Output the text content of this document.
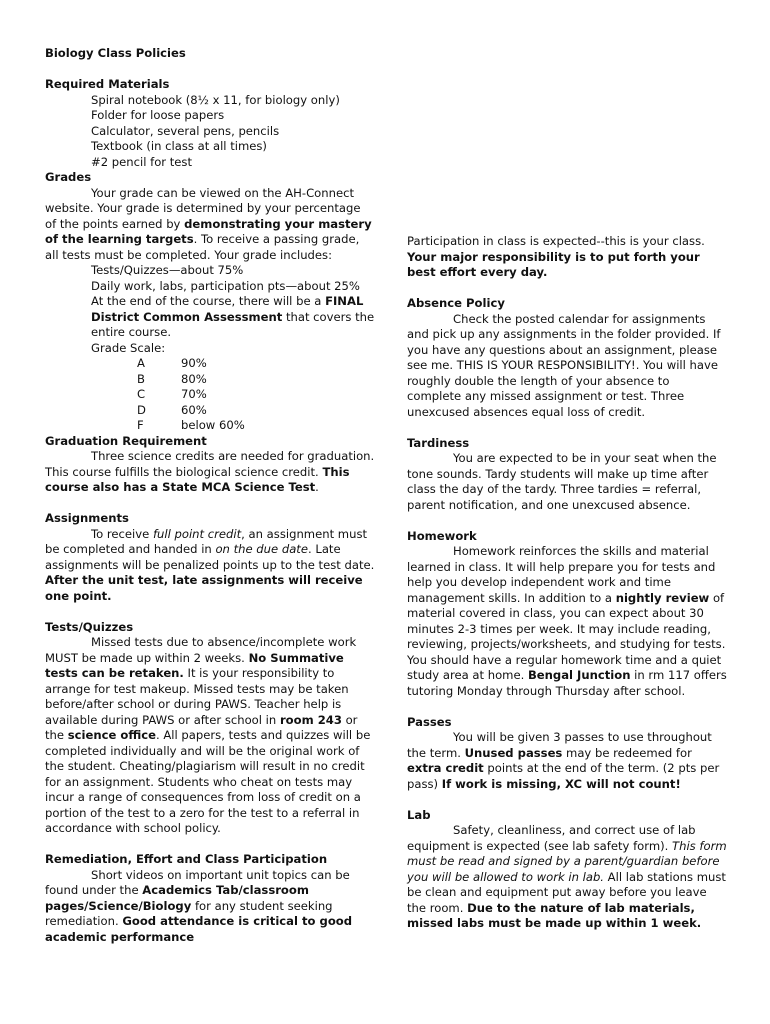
Biology Class Policies

Required Materials

Spiral notebook (8½ x 11, for biology only)

Folder for loose papers

Calculator, several pens, pencils

Textbook (in class at all times)

#2 pencil for test

Grades

Your grade can be viewed on the AH-Connect website. Your grade is determined by your percentage of the points earned by demonstrating your mastery of the learning targets. To receive a passing grade, all tests must be completed. Your grade includes:

Tests/Quizzes—about 75%

Daily work, labs, participation pts—about 25%

At the end of the course, there will be a FINAL District Common Assessment that covers the entire course.

Grade Scale:

A	90%
B	80%
C	70%
D	60%
F	below 60%

Graduation Requirement

Three science credits are needed for graduation. This course fulfills the biological science credit. This course also has a State MCA Science Test.

Assignments

To receive full point credit, an assignment must be completed and handed in on the due date. Late assignments will be penalized points up to the test date. After the unit test, late assignments will receive one point.

Tests/Quizzes

Missed tests due to absence/incomplete work MUST be made up within 2 weeks. No Summative tests can be retaken. It is your responsibility to arrange for test makeup. Missed tests may be taken before/after school or during PAWS. Teacher help is available during PAWS or after school in room 243 or the science office. All papers, tests and quizzes will be completed individually and will be the original work of the student. Cheating/plagiarism will result in no credit for an assignment. Students who cheat on tests may incur a range of consequences from loss of credit on a portion of the test to a zero for the test to a referral in accordance with school policy.

Remediation, Effort and Class Participation

Short videos on important unit topics can be found under the Academics Tab/classroom pages/Science/Biology for any student seeking remediation. Good attendance is critical to good academic performance

Participation in class is expected--this is your class. Your major responsibility is to put forth your best effort every day.

Absence Policy

Check the posted calendar for assignments and pick up any assignments in the folder provided. If you have any questions about an assignment, please see me. THIS IS YOUR RESPONSIBILITY!. You will have roughly double the length of your absence to complete any missed assignment or test. Three unexcused absences equal loss of credit.

Tardiness

You are expected to be in your seat when the tone sounds. Tardy students will make up time after class the day of the tardy. Three tardies = referral, parent notification, and one unexcused absence.

Homework

Homework reinforces the skills and material learned in class. It will help prepare you for tests and help you develop independent work and time management skills. In addition to a nightly review of material covered in class, you can expect about 30 minutes 2-3 times per week. It may include reading, reviewing, projects/worksheets, and studying for tests. You should have a regular homework time and a quiet study area at home. Bengal Junction in rm 117 offers tutoring Monday through Thursday after school.

Passes

You will be given 3 passes to use throughout the term. Unused passes may be redeemed for extra credit points at the end of the term. (2 pts per pass) If work is missing, XC will not count!

Lab

Safety, cleanliness, and correct use of lab equipment is expected (see lab safety form). This form must be read and signed by a parent/guardian before you will be allowed to work in lab. All lab stations must be clean and equipment put away before you leave the room. Due to the nature of lab materials, missed labs must be made up within 1 week.
